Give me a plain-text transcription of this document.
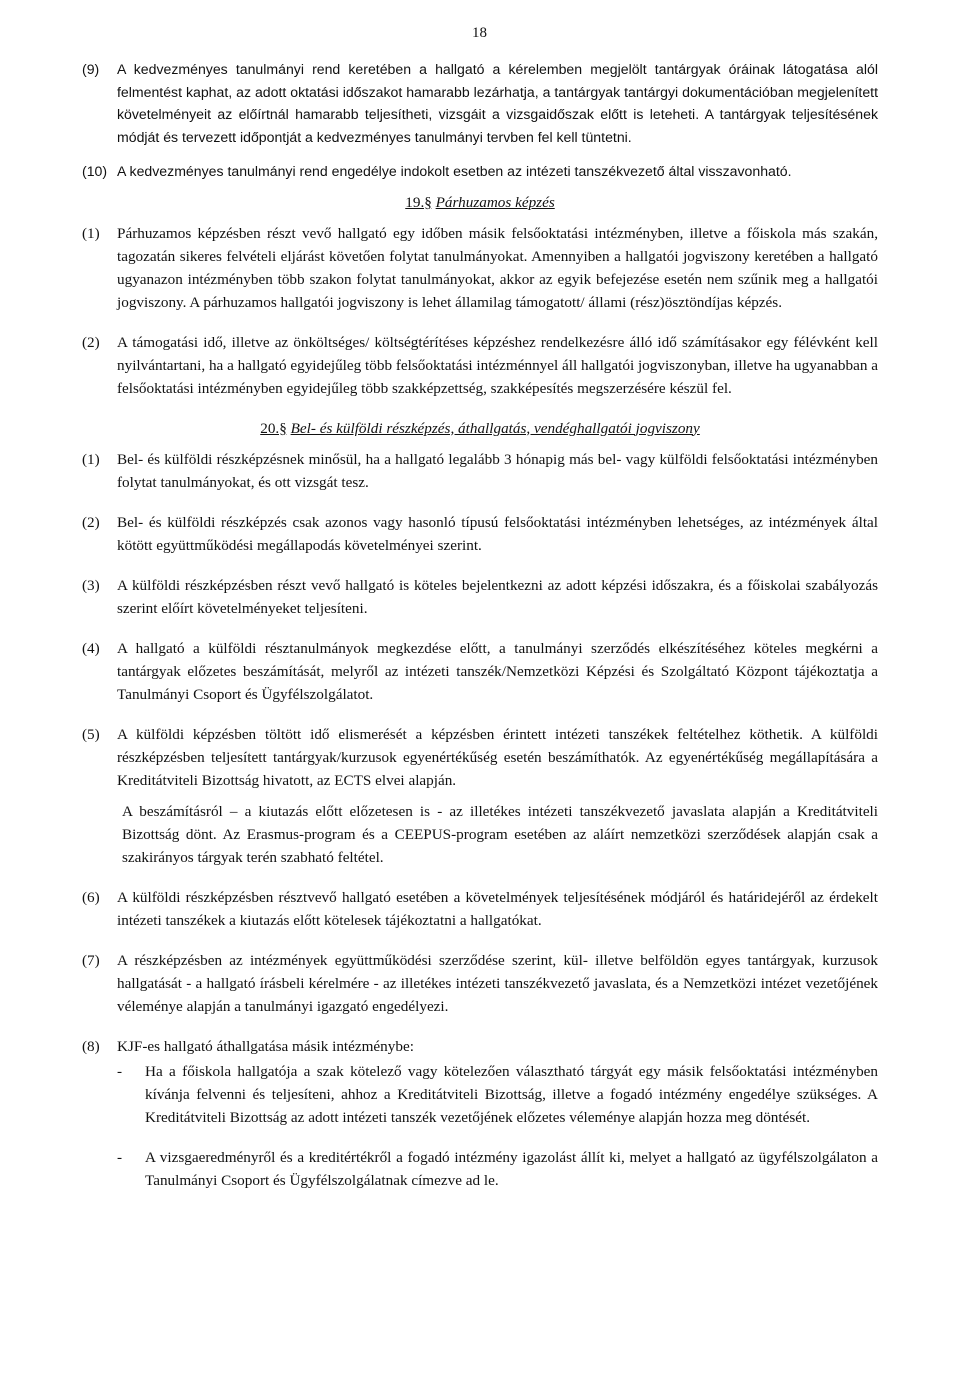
18
(9)	A kedvezményes tanulmányi rend keretében a hallgató a kérelemben megjelölt tantárgyak óráinak látogatása alól felmentést kaphat, az adott oktatási időszakot hamarabb lezárhatja, a tantárgyak tantárgyi dokumentációban megjelenített követelményeit az előírtnál hamarabb teljesítheti, vizsgáit a vizsgaidőszak előtt is leteheti. A tantárgyak teljesítésének módját és tervezett időpontját a kedvezményes tanulmányi tervben fel kell tüntetni.
(10) A kedvezményes tanulmányi rend engedélye indokolt esetben az intézeti tanszékvezető által visszavonható.
19.§ Párhuzamos képzés
(1)	Párhuzamos képzésben részt vevő hallgató egy időben másik felsőoktatási intézményben, illetve a főiskola más szakán, tagozatán sikeres felvételi eljárást követően folytat tanulmányokat. Amennyiben a hallgatói jogviszony keretében a hallgató ugyanazon intézményben több szakon folytat tanulmányokat, akkor az egyik befejezése esetén nem szűnik meg a hallgatói jogviszony. A párhuzamos hallgatói jogviszony is lehet államilag támogatott/ állami (rész)ösztöndíjas képzés.
(2)	A támogatási idő, illetve az önköltséges/ költségtérítéses képzéshez rendelkezésre álló idő számításakor egy félévként kell nyilvántartani, ha a hallgató egyidejűleg több felsőoktatási intézménnyel áll hallgatói jogviszonyban, illetve ha ugyanabban a felsőoktatási intézményben egyidejűleg több szakképzettség, szakképesítés megszerzésére készül fel.
20.§ Bel- és külföldi részképzés, áthallgatás, vendéghallgatói jogviszony
(1)	Bel- és külföldi részképzésnek minősül, ha a hallgató legalább 3 hónapig más bel- vagy külföldi felsőoktatási intézményben folytat tanulmányokat, és ott vizsgát tesz.
(2)	Bel- és külföldi részképzés csak azonos vagy hasonló típusú felsőoktatási intézményben lehetséges, az intézmények által kötött együttműködési megállapodás követelményei szerint.
(3)	A külföldi részképzésben részt vevő hallgató is köteles bejelentkezni az adott képzési időszakra, és a főiskolai szabályozás szerint előírt követelményeket teljesíteni.
(4)	A hallgató a külföldi résztanulmányok megkezdése előtt, a tanulmányi szerződés elkészítéséhez köteles megkérni a tantárgyak előzetes beszámítását, melyről az intézeti tanszék/Nemzetközi Képzési és Szolgáltató Központ tájékoztatja a Tanulmányi Csoport és Ügyfélszolgálatot.
(5)	A külföldi képzésben töltött idő elismerését a képzésben érintett intézeti tanszékek feltételhez köthetik. A külföldi részképzésben teljesített tantárgyak/kurzusok egyenértékűség esetén beszámíthatók. Az egyenértékűség megállapítására a Kreditátviteli Bizottság hivatott, az ECTS elvei alapján.
A beszámításról – a kiutazás előtt előzetesen is - az illetékes intézeti tanszékvezető javaslata alapján a Kreditátviteli Bizottság dönt. Az Erasmus-program és a CEEPUS-program esetében az aláírt nemzetközi szerződések alapján csak a szakirányos tárgyak terén szabható feltétel.
(6)	A külföldi részképzésben résztvevő hallgató esetében a követelmények teljesítésének módjáról és határidejéről az érdekelt intézeti tanszékek a kiutazás előtt kötelesek tájékoztatni a hallgatókat.
(7)	A részképzésben az intézmények együttműködési szerződése szerint, kül- illetve belföldön egyes tantárgyak, kurzusok hallgatását - a hallgató írásbeli kérelmére - az illetékes intézeti tanszékvezető javaslata, és a Nemzetközi intézet vezetőjének véleménye alapján a tanulmányi igazgató engedélyezi.
(8)	KJF-es hallgató áthallgatása másik intézménybe:
-	Ha a főiskola hallgatója a szak kötelező vagy kötelezően választható tárgyát egy másik felsőoktatási intézményben kívánja felvenni és teljesíteni, ahhoz a Kreditátviteli Bizottság, illetve a fogadó intézmény engedélye szükséges. A Kreditátviteli Bizottság az adott intézeti tanszék vezetőjének előzetes véleménye alapján hozza meg döntését.
-	A vizsgaeredményről és a kreditértékről a fogadó intézmény igazolást állít ki, melyet a hallgató az ügyfélszolgálaton a Tanulmányi Csoport és Ügyfélszolgálatnak címezve ad le.
